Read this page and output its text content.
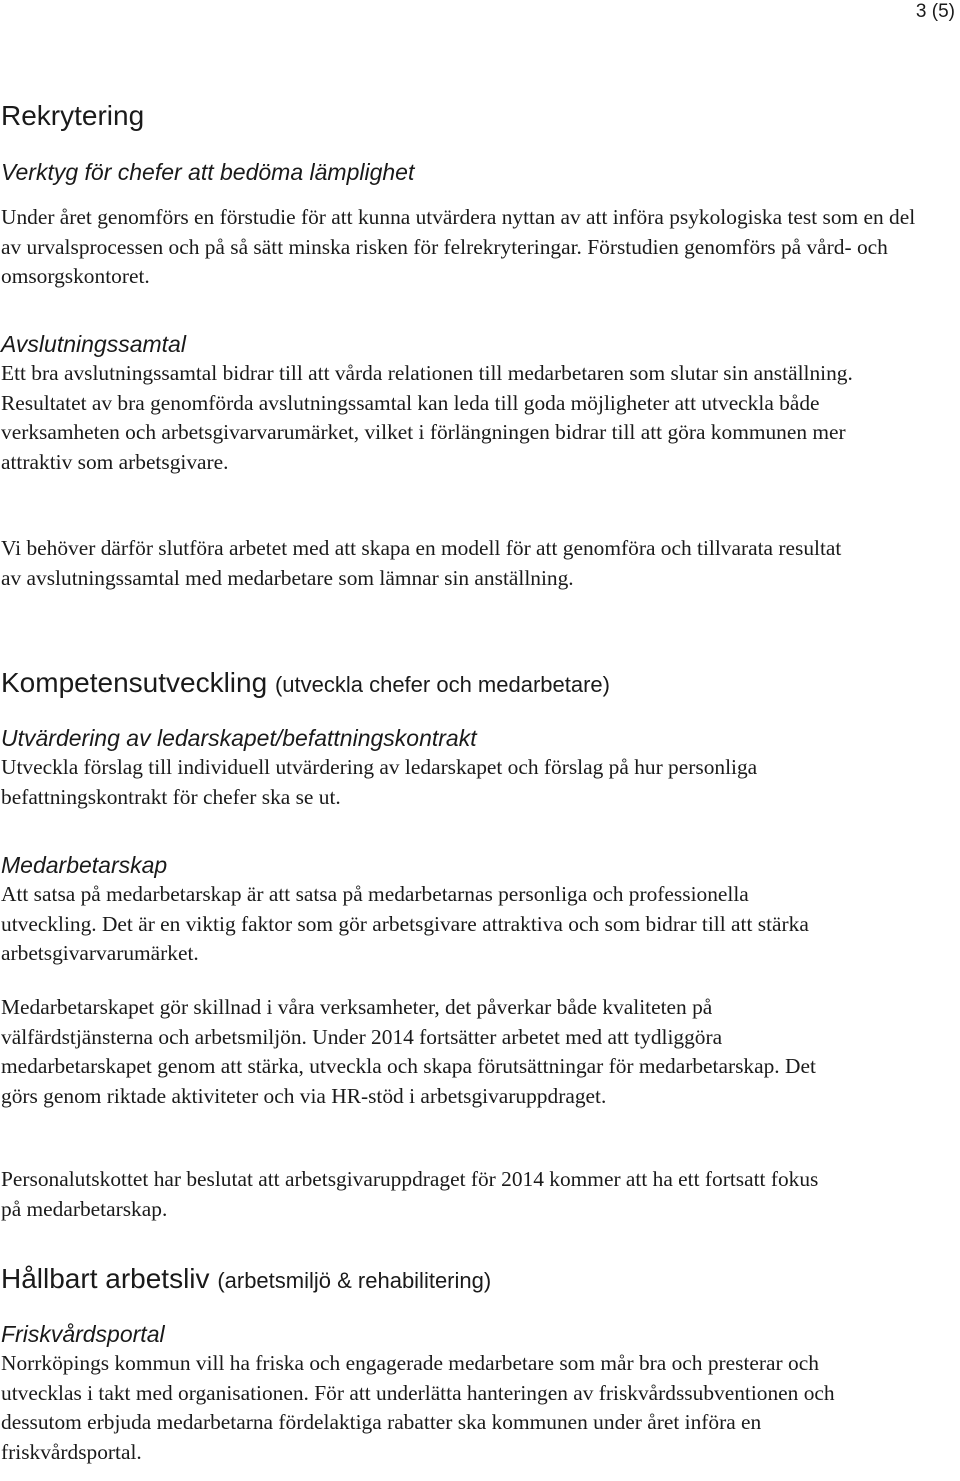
3 (5)
Rekrytering
Verktyg för chefer att bedöma lämplighet

Under året genomförs en förstudie för att kunna utvärdera nyttan av att införa psykologiska test som en del av urvalsprocessen och på så sätt minska risken för felrekryteringar. Förstudien genomförs på vård- och omsorgskontoret.

Avslutningssamtal

Ett bra avslutningssamtal bidrar till att vårda relationen till medarbetaren som slutar sin anställning. Resultatet av bra genomförda avslutningssamtal kan leda till goda möjligheter att utveckla både verksamheten och arbetsgivarvarumärket, vilket i förlängningen bidrar till att göra kommunen mer attraktiv som arbetsgivare.

Vi behöver därför slutföra arbetet med att skapa en modell för att genomföra och tillvarata resultat av avslutningssamtal med medarbetare som lämnar sin anställning.

Kompetensutveckling (utveckla chefer och medarbetare)
Utvärdering av ledarskapet/befattningskontrakt

Utveckla förslag till individuell utvärdering av ledarskapet och förslag på hur personliga befattningskontrakt för chefer ska se ut.

Medarbetarskap

Att satsa på medarbetarskap är att satsa på medarbetarnas personliga och professionella utveckling. Det är en viktig faktor som gör arbetsgivare attraktiva och som bidrar till att stärka arbetsgivarvarumärket.

Medarbetarskapet gör skillnad i våra verksamheter, det påverkar både kvaliteten på välfärdstjänsterna och arbetsmiljön. Under 2014 fortsätter arbetet med att tydliggöra medarbetarskapet genom att stärka, utveckla och skapa förutsättningar för medarbetarskap. Det görs genom riktade aktiviteter och via HR-stöd i arbetsgivaruppdraget.

Personalutskottet har beslutat att arbetsgivaruppdraget för 2014 kommer att ha ett fortsatt fokus på medarbetarskap.

Hållbart arbetsliv (arbetsmiljö & rehabilitering)
Friskvårdsportal

Norrköpings kommun vill ha friska och engagerade medarbetare som mår bra och presterar och utvecklas i takt med organisationen. För att underlätta hanteringen av friskvårdssubventionen och dessutom erbjuda medarbetarna fördelaktiga rabatter ska kommunen under året införa en friskvårdsportal.
